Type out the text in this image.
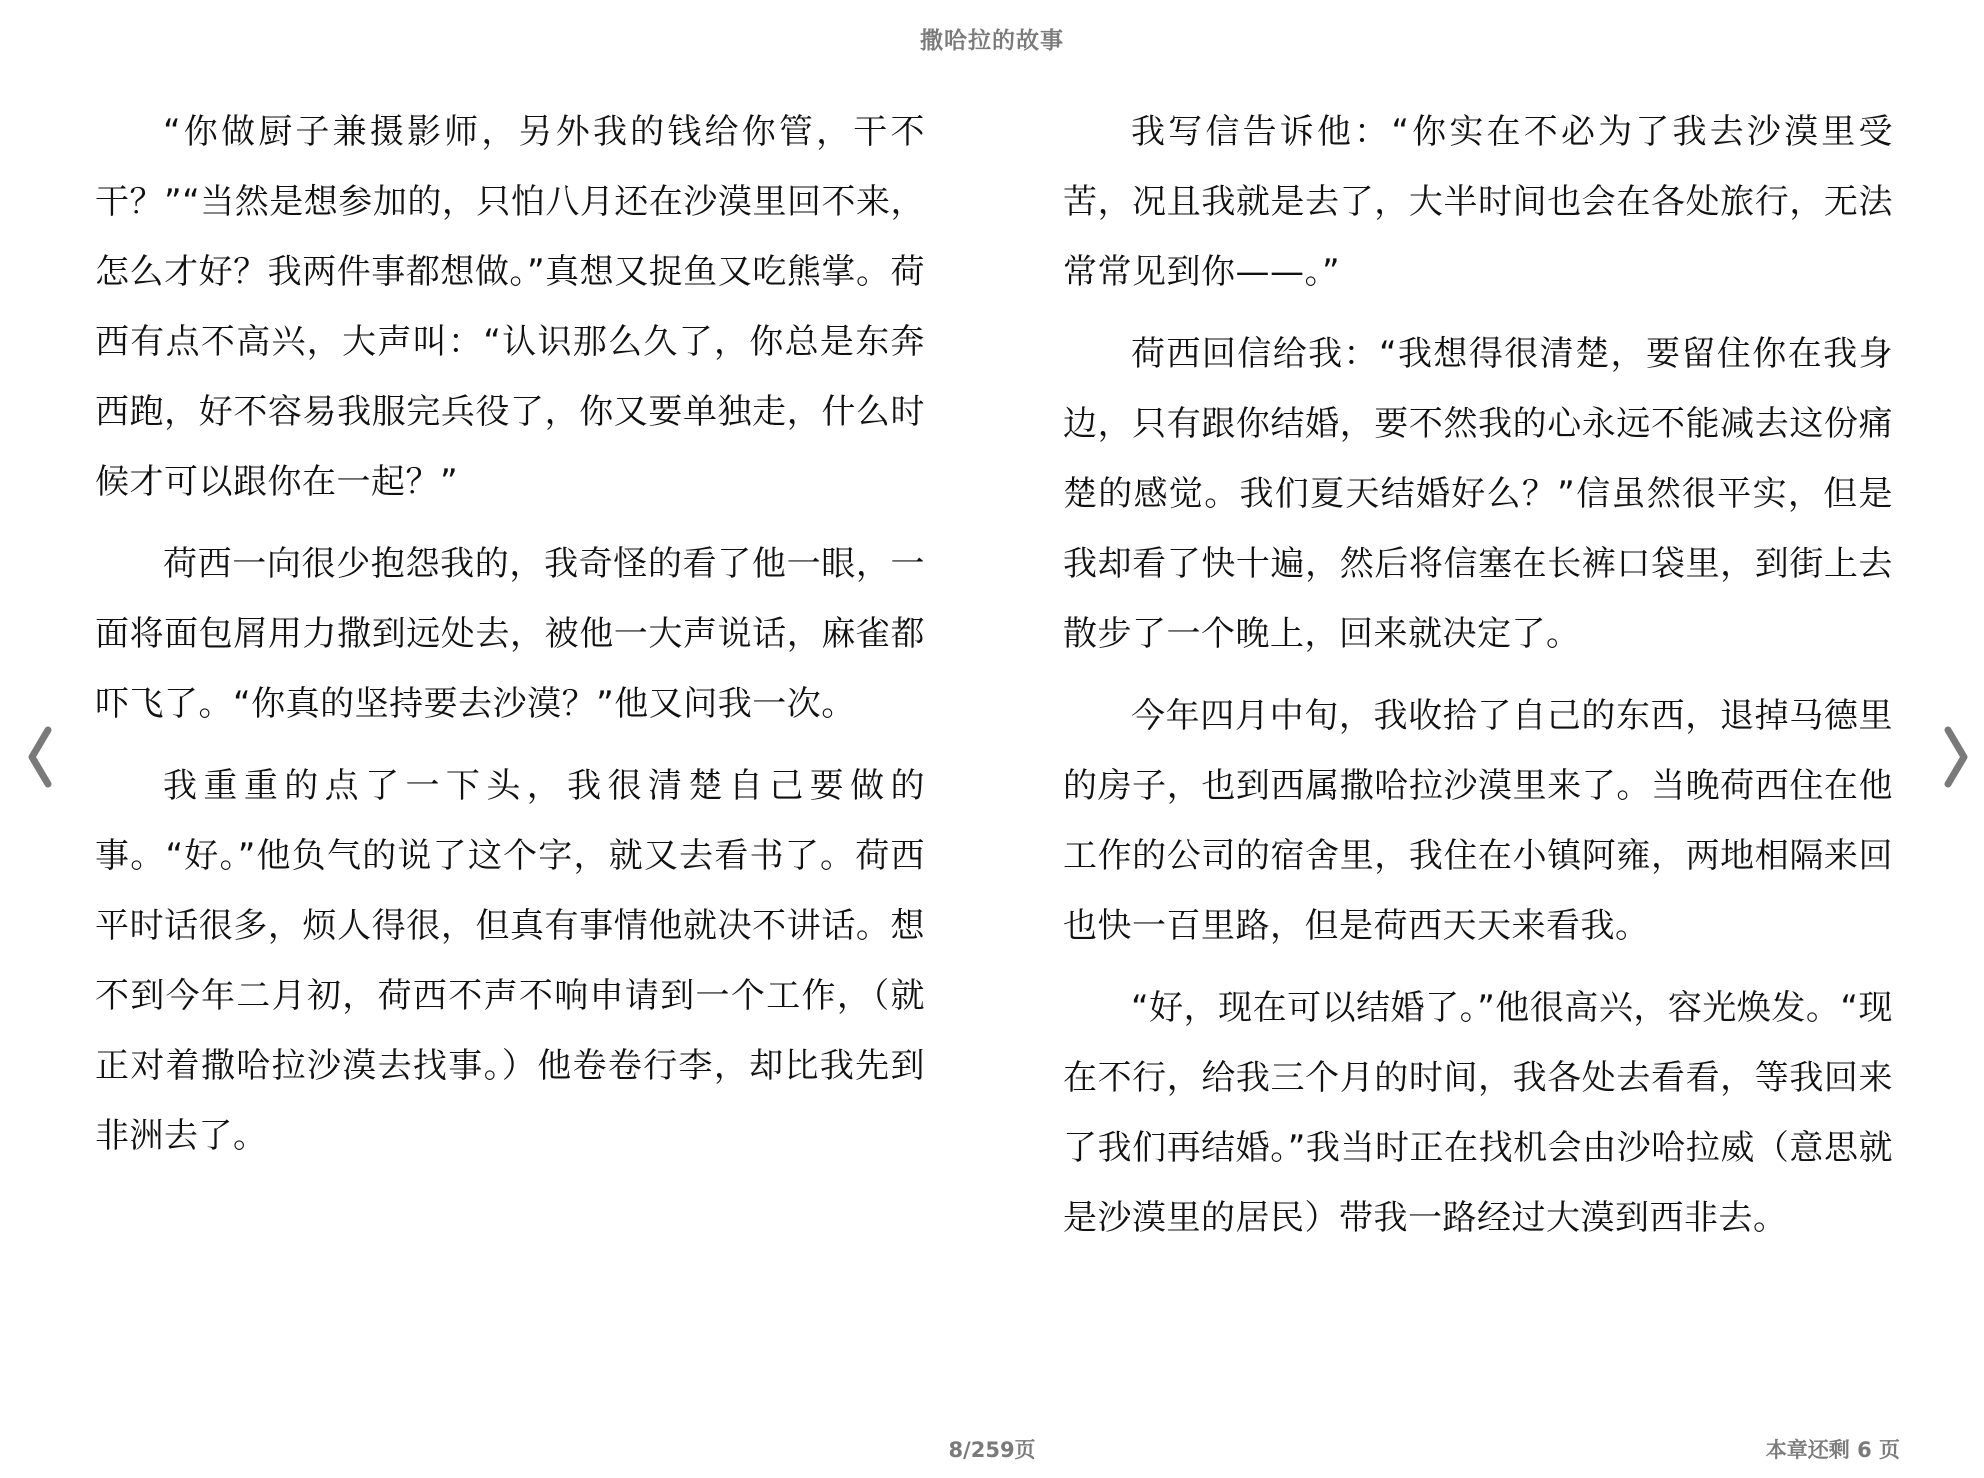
撒哈拉的故事

“你做厨子兼摄影师，另外我的钱给你管，干不干？”“当然是想参加的，只怕八月还在沙漠里回不来，怎么才好？我两件事都想做。”真想又捉鱼又吃熊掌。荷西有点不高兴，大声叫：“认识那么久了，你总是东奔西跑，好不容易我服完兵役了，你又要单独走，什么时候才可以跟你在一起？”

荷西一向很少抱怨我的，我奇怪的看了他一眼，一面将面包屑用力撒到远处去，被他一大声说话，麻雀都吓飞了。“你真的坚持要去沙漠？”他又问我一次。

我重重的点了一下头，我很清楚自己要做的事。“好。”他负气的说了这个字，就又去看书了。荷西平时话很多，烦人得很，但真有事情他就决不讲话。想不到今年二月初，荷西不声不响申请到一个工作，（就正对着撒哈拉沙漠去找事。）他卷卷行李，却比我先到非洲去了。

我写信告诉他：“你实在不必为了我去沙漠里受苦，况且我就是去了，大半时间也会在各处旅行，无法常常见到你——。”

荷西回信给我：“我想得很清楚，要留住你在我身边，只有跟你结婚，要不然我的心永远不能减去这份痛楚的感觉。我们夏天结婚好么？”信虽然很平实，但是我却看了快十遍，然后将信塞在长裤口袋里，到街上去散步了一个晚上，回来就决定了。

今年四月中旬，我收拾了自己的东西，退掉马德里的房子，也到西属撒哈拉沙漠里来了。当晚荷西住在他工作的公司的宿舍里，我住在小镇阿雍，两地相隔来回也快一百里路，但是荷西天天来看我。

“好，现在可以结婚了。”他很高兴，容光焕发。“现在不行，给我三个月的时间，我各处去看看，等我回来了我们再结婚。”我当时正在找机会由沙哈拉威（意思就是沙漠里的居民）带我一路经过大漠到西非去。

8/259页	本章还剩 6 页
